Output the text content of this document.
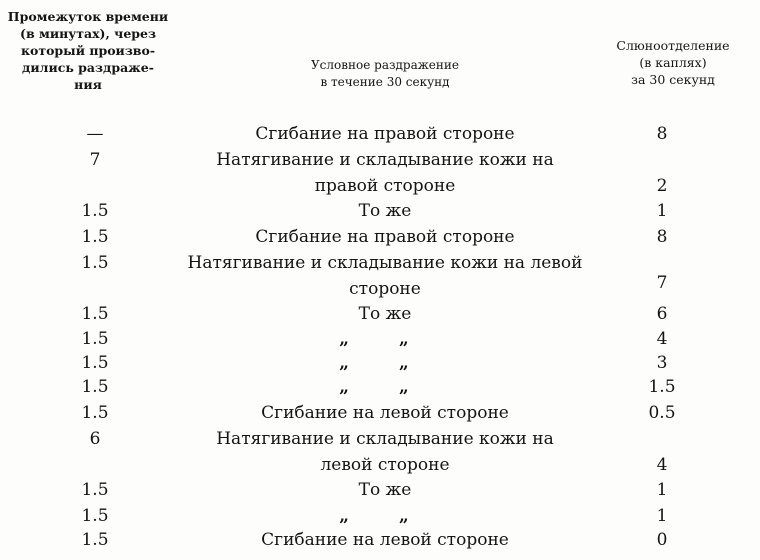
Промежуток времени
(в минутах), через
который произво-
дились раздраже-
ния
Условное раздражение
в течение 30 секунд
Слюноотделение
(в каплях)
за 30 секунд
—	Сгибание на правой стороне	8
7	Натягивание и складывание кожи на
правой стороне	2
1.5	То же	1
1.5	Сгибание на правой стороне	8
1.5	Натягивание и складывание кожи на левой
стороне	7
1.5	То же	6
1.5	„ „	4
1.5	„ „	3
1.5	„ „	1.5
1.5	Сгибание на левой стороне	0.5
6	Натягивание и складывание кожи на
левой стороне	4
1.5	То же	1
1.5	„ „	1
1.5	Сгибание на левой стороне	0
